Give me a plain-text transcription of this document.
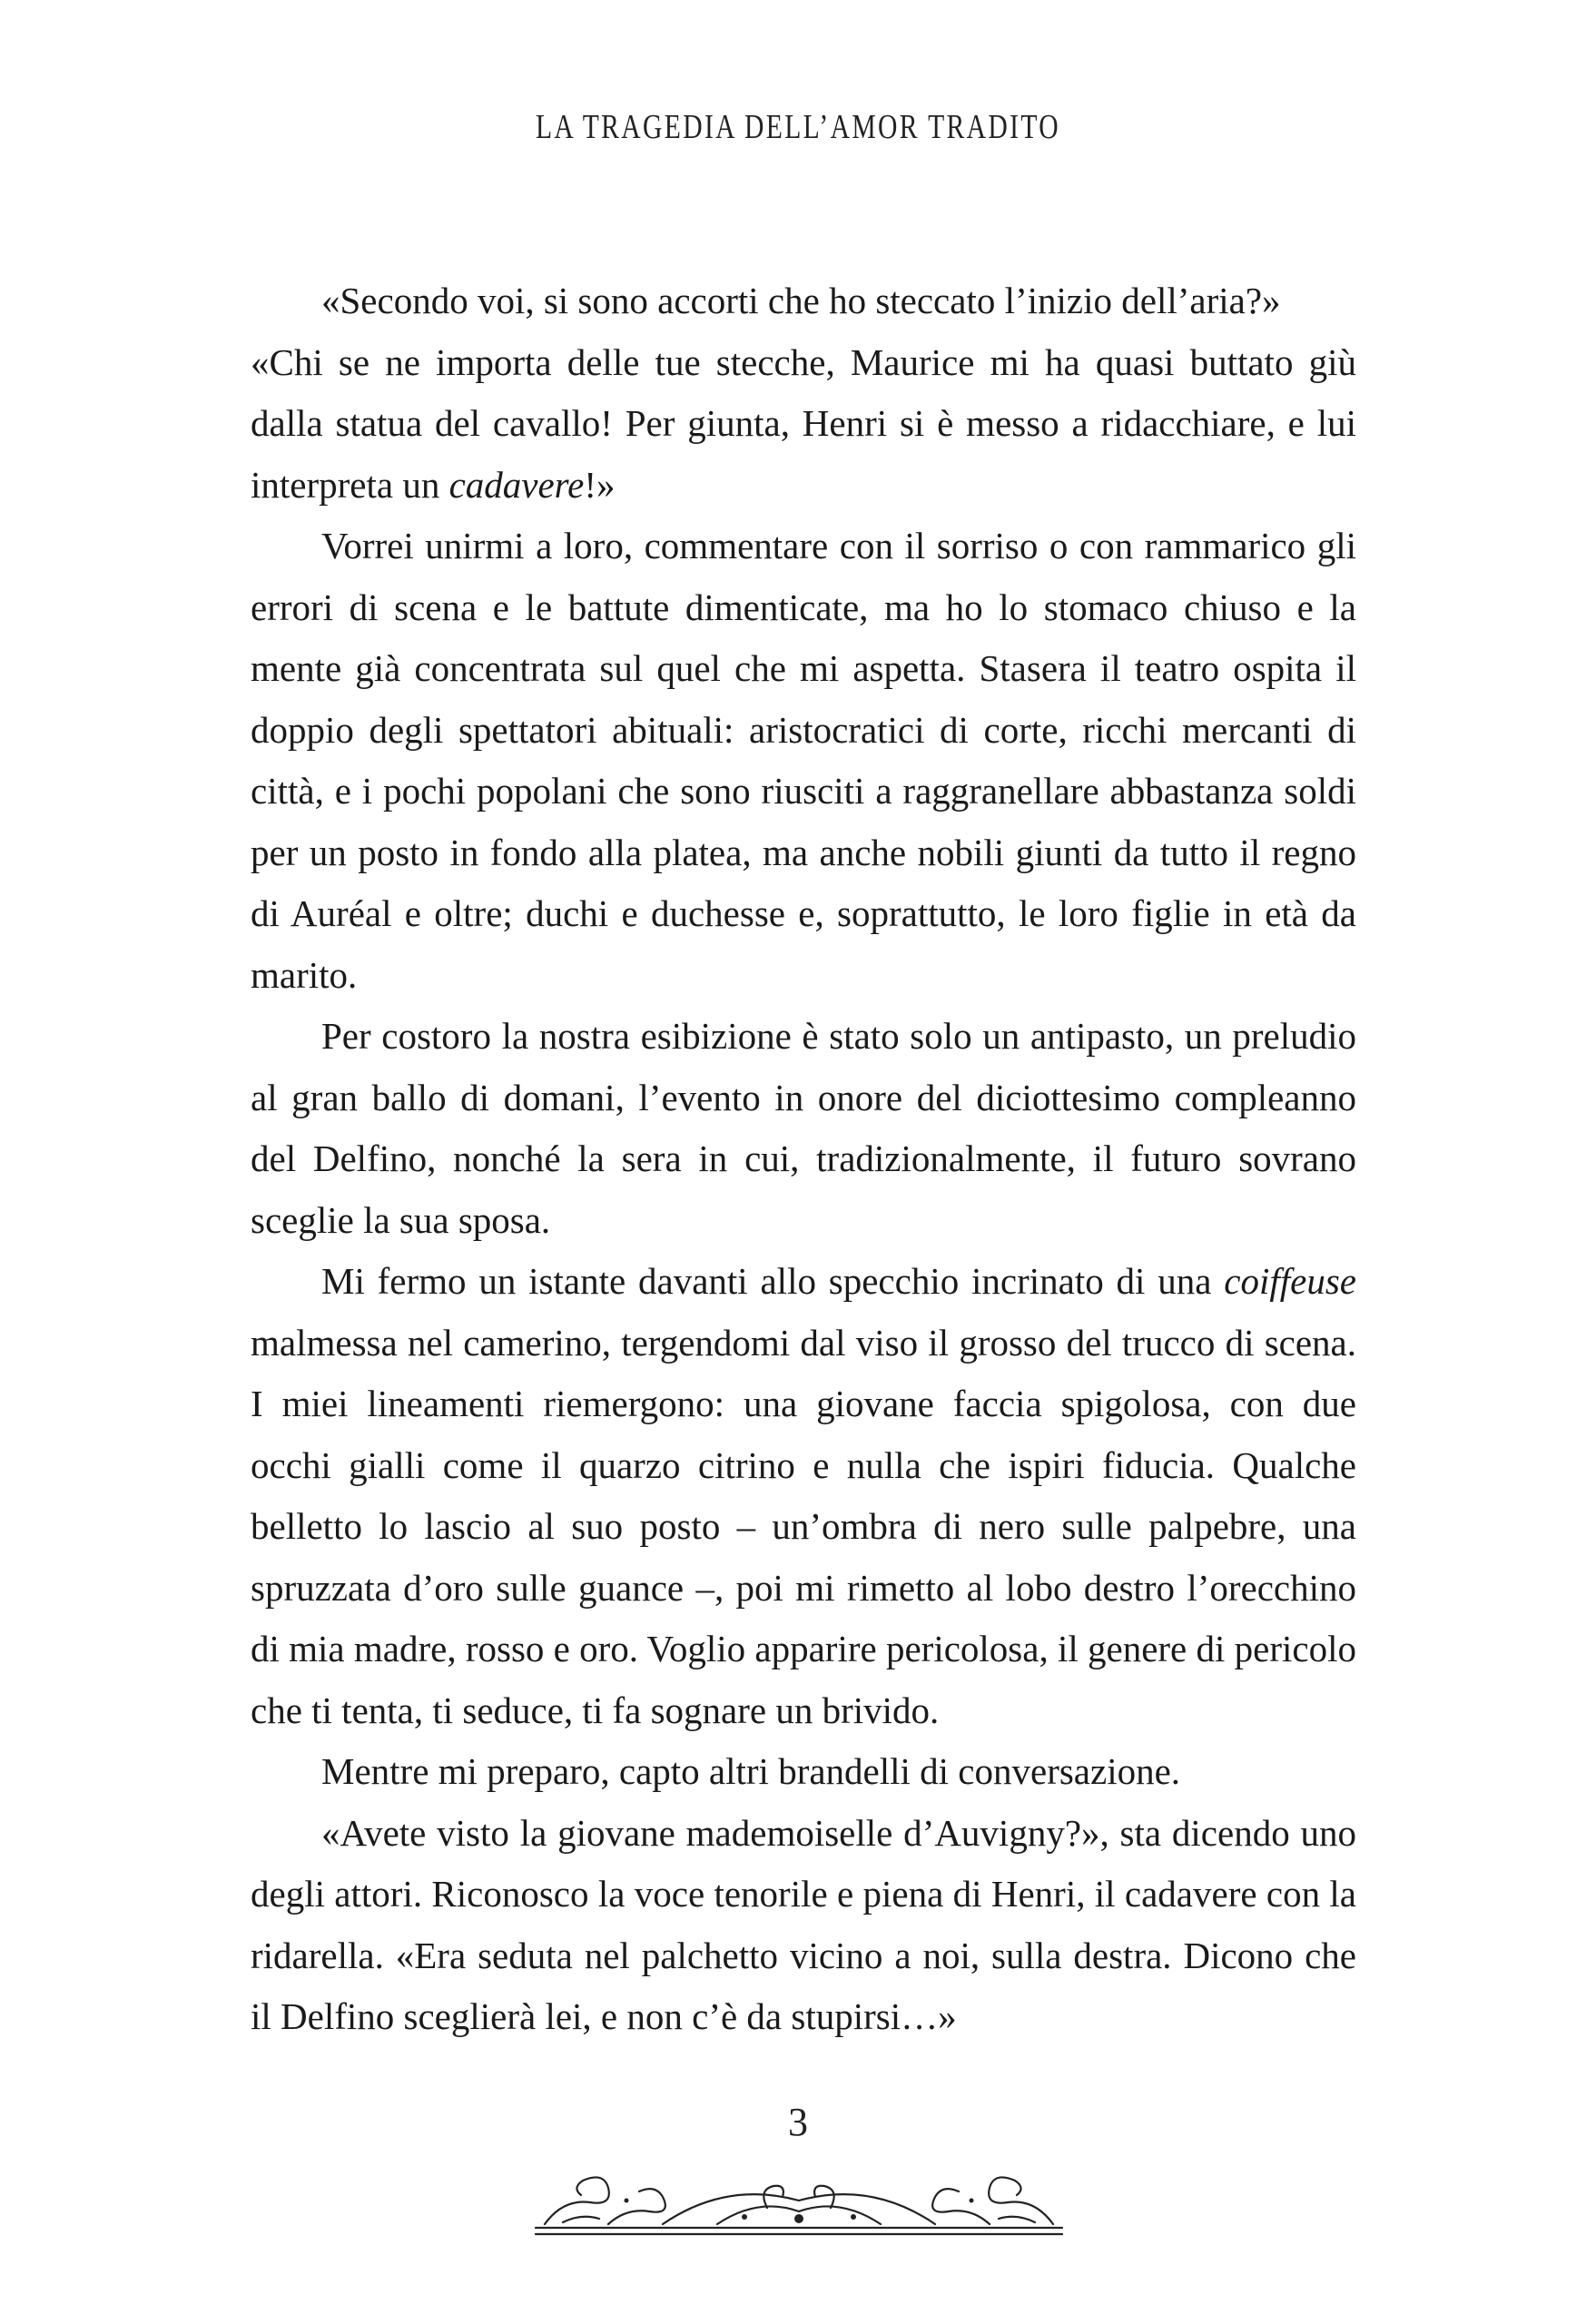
LA TRAGEDIA DELL’AMOR TRADITO

«Secondo voi, si sono accorti che ho steccato l’inizio dell’aria?»

«Chi se ne importa delle tue stecche, Maurice mi ha quasi buttato giù dalla statua del cavallo! Per giunta, Henri si è messo a ridacchiare, e lui interpreta un cadavere!»

Vorrei unirmi a loro, commentare con il sorriso o con rammarico gli errori di scena e le battute dimenticate, ma ho lo stomaco chiuso e la mente già concentrata sul quel che mi aspetta. Stasera il teatro ospita il doppio degli spettatori abituali: aristocratici di corte, ricchi mercanti di città, e i pochi popolani che sono riusciti a raggranellare abbastanza soldi per un posto in fondo alla platea, ma anche nobili giunti da tutto il regno di Auréal e oltre; duchi e duchesse e, soprattutto, le loro figlie in età da marito.

Per costoro la nostra esibizione è stato solo un antipasto, un preludio al gran ballo di domani, l’evento in onore del diciottesimo compleanno del Delfino, nonché la sera in cui, tradizionalmente, il futuro sovrano sceglie la sua sposa.

Mi fermo un istante davanti allo specchio incrinato di una coiffeuse malmessa nel camerino, tergendomi dal viso il grosso del trucco di scena. I miei lineamenti riemergono: una giovane faccia spigolosa, con due occhi gialli come il quarzo citrino e nulla che ispiri fiducia. Qualche belletto lo lascio al suo posto – un’ombra di nero sulle palpebre, una spruzzata d’oro sulle guance –, poi mi rimetto al lobo destro l’orecchino di mia madre, rosso e oro. Voglio apparire pericolosa, il genere di pericolo che ti tenta, ti seduce, ti fa sognare un brivido.

Mentre mi preparo, capto altri brandelli di conversazione.

«Avete visto la giovane mademoiselle d’Auvigny?», sta dicendo uno degli attori. Riconosco la voce tenorile e piena di Henri, il cadavere con la ridarella. «Era seduta nel palchetto vicino a noi, sulla destra. Dicono che il Delfino sceglierà lei, e non c’è da stupirsi…»

3
